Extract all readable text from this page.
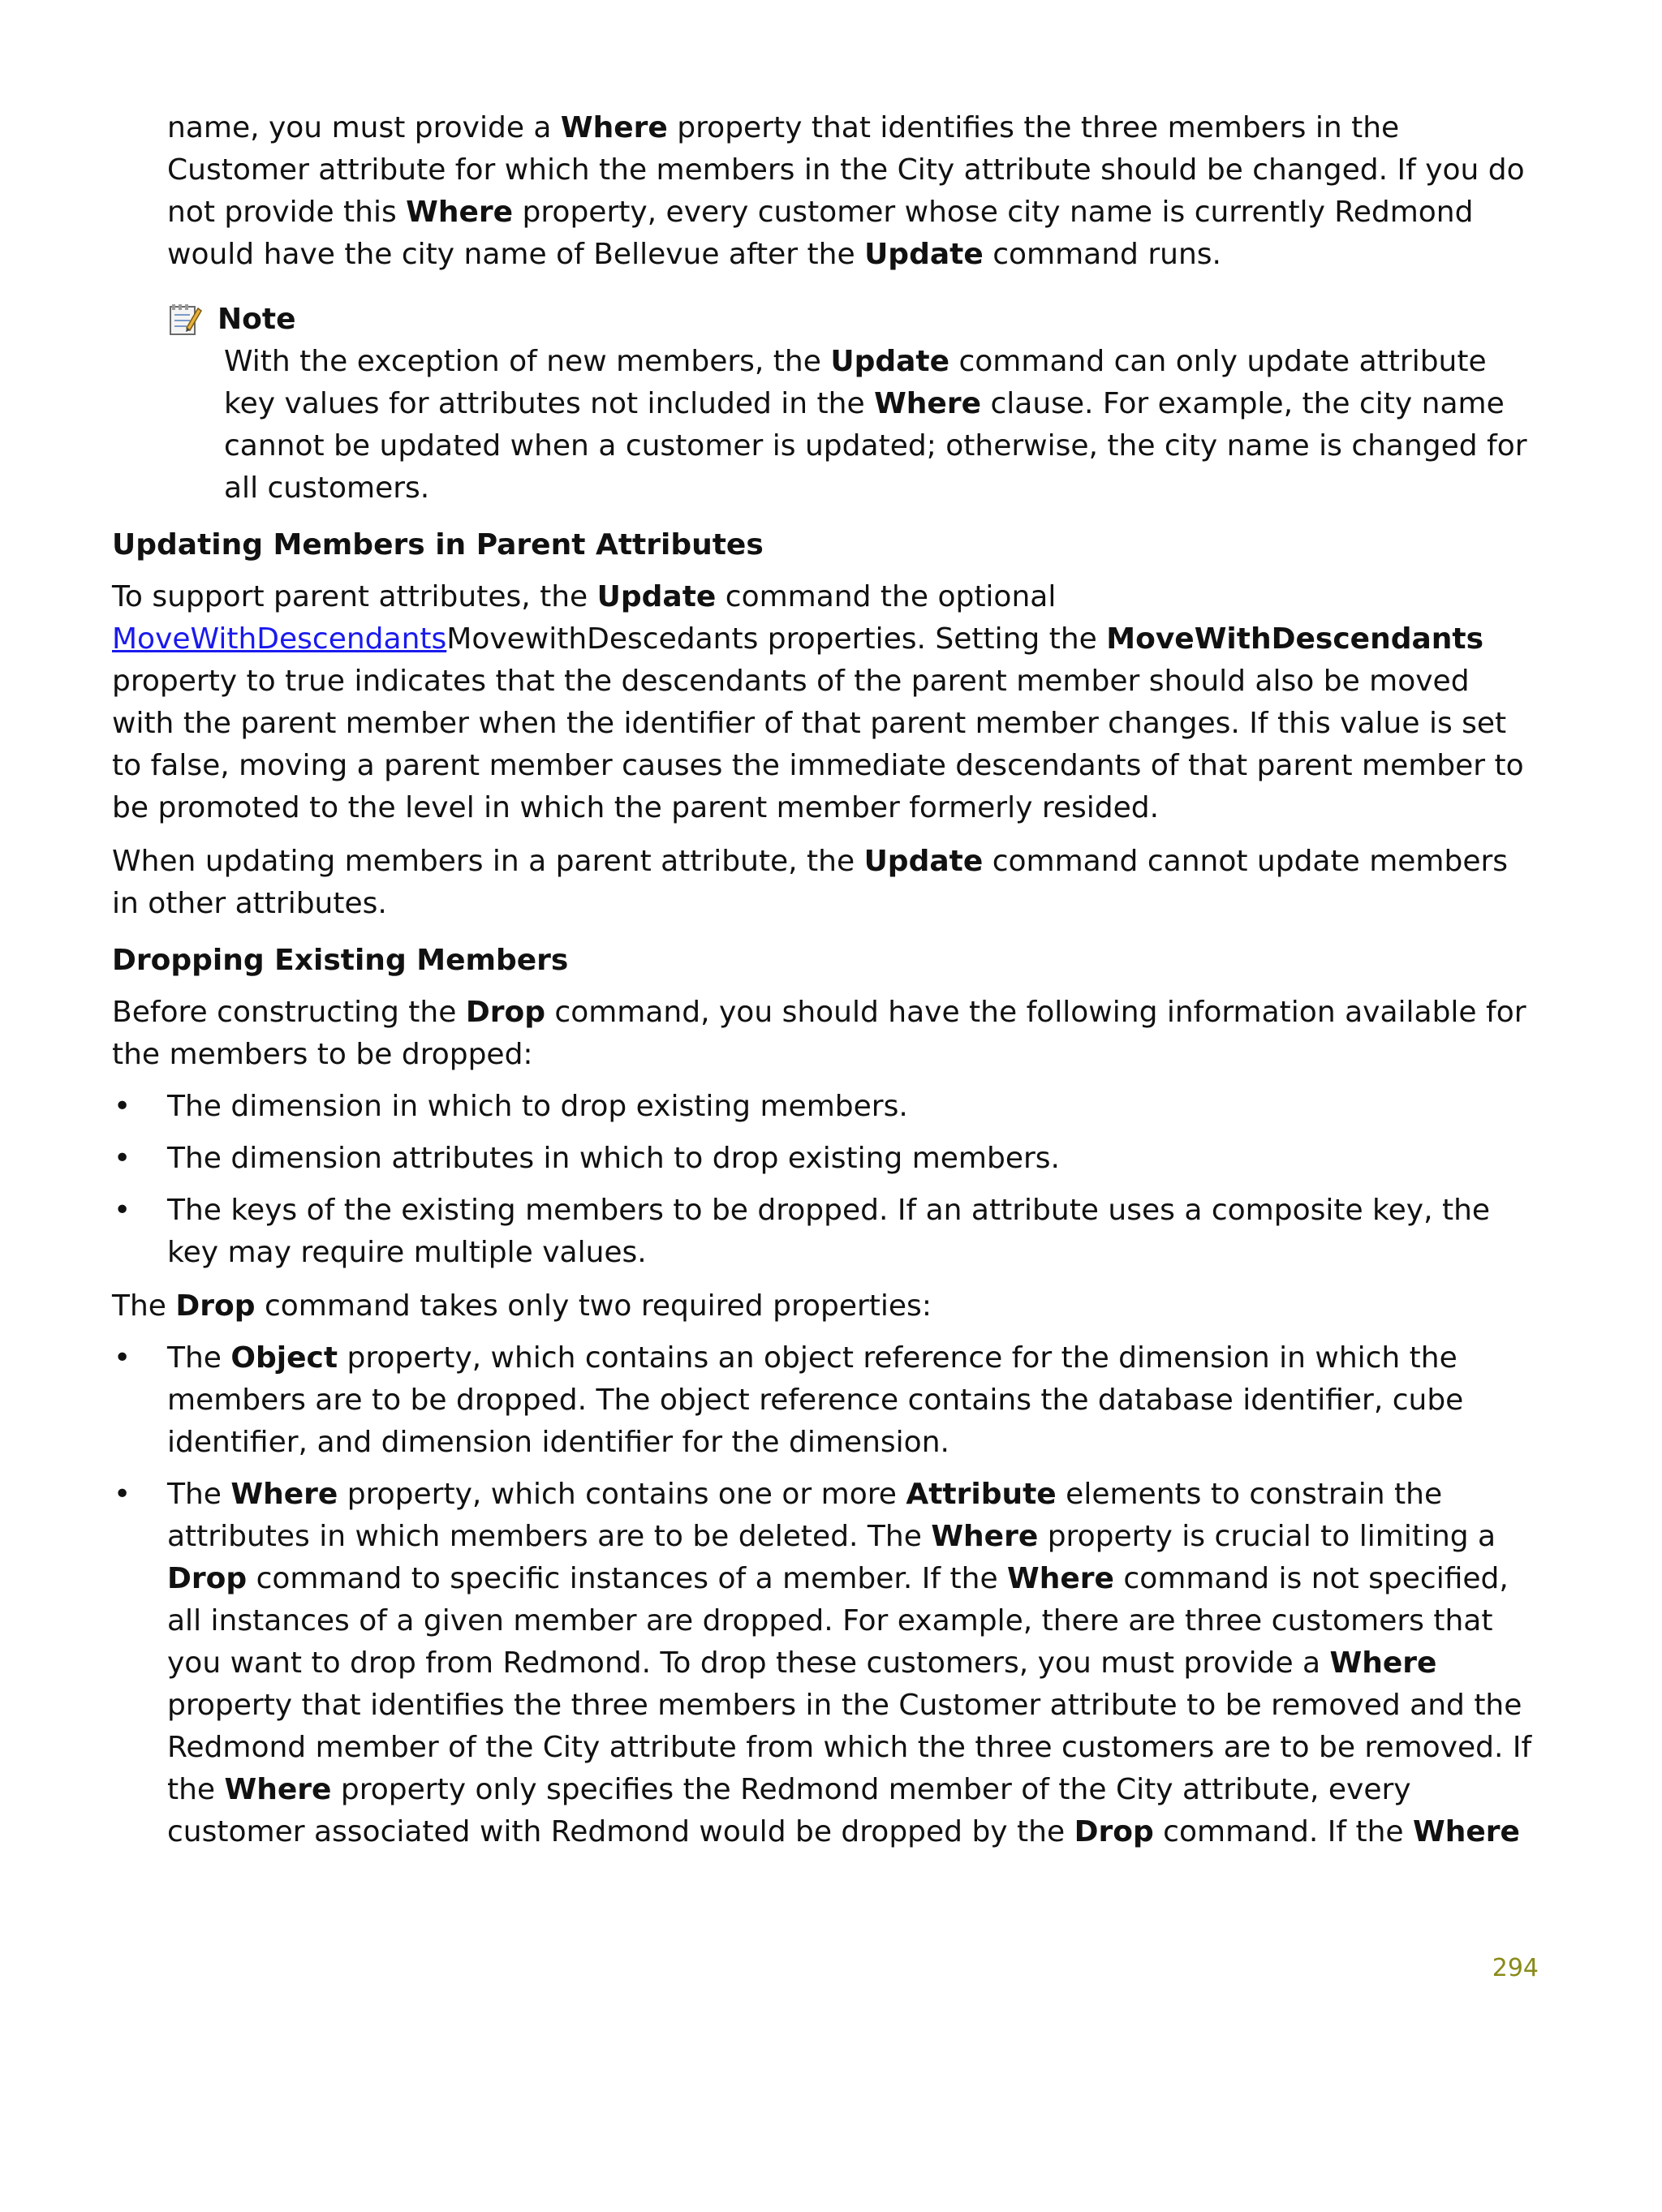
name, you must provide a Where property that identifies the three members in the Customer attribute for which the members in the City attribute should be changed. If you do not provide this Where property, every customer whose city name is currently Redmond would have the city name of Bellevue after the Update command runs.

Note

With the exception of new members, the Update command can only update attribute key values for attributes not included in the Where clause. For example, the city name cannot be updated when a customer is updated; otherwise, the city name is changed for all customers.

Updating Members in Parent Attributes

To support parent attributes, the Update command the optional MoveWithDescendantsMovewithDescedants properties. Setting the MoveWithDescendants property to true indicates that the descendants of the parent member should also be moved with the parent member when the identifier of that parent member changes. If this value is set to false, moving a parent member causes the immediate descendants of that parent member to be promoted to the level in which the parent member formerly resided.

When updating members in a parent attribute, the Update command cannot update members in other attributes.

Dropping Existing Members

Before constructing the Drop command, you should have the following information available for the members to be dropped:

• The dimension in which to drop existing members.
• The dimension attributes in which to drop existing members.
• The keys of the existing members to be dropped. If an attribute uses a composite key, the key may require multiple values.

The Drop command takes only two required properties:

• The Object property, which contains an object reference for the dimension in which the members are to be dropped. The object reference contains the database identifier, cube identifier, and dimension identifier for the dimension.
• The Where property, which contains one or more Attribute elements to constrain the attributes in which members are to be deleted. The Where property is crucial to limiting a Drop command to specific instances of a member. If the Where command is not specified, all instances of a given member are dropped. For example, there are three customers that you want to drop from Redmond. To drop these customers, you must provide a Where property that identifies the three members in the Customer attribute to be removed and the Redmond member of the City attribute from which the three customers are to be removed. If the Where property only specifies the Redmond member of the City attribute, every customer associated with Redmond would be dropped by the Drop command. If the Where
294
